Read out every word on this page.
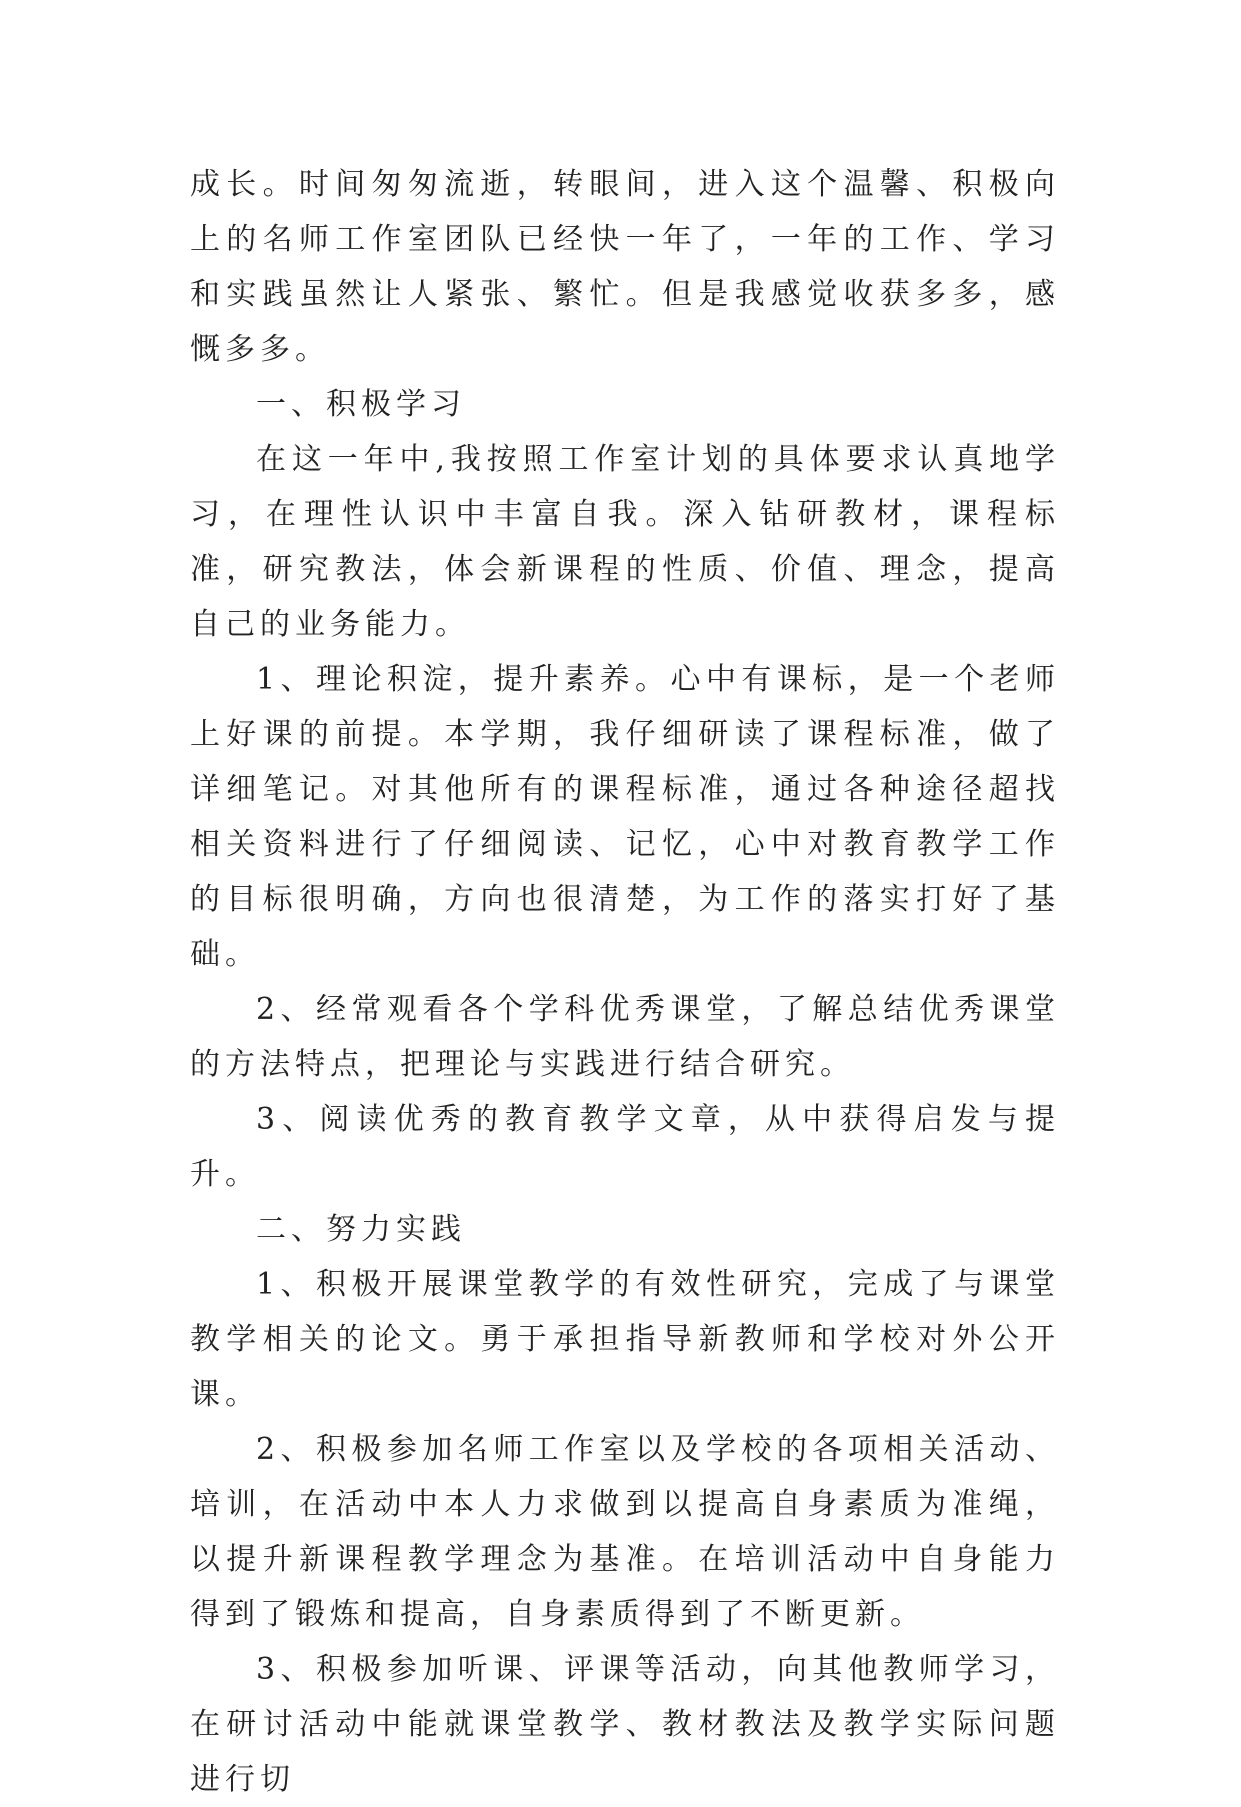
成长。时间匆匆流逝，转眼间，进入这个温馨、积极向上的名师工作室团队已经快一年了，一年的工作、学习和实践虽然让人紧张、繁忙。但是我感觉收获多多，感慨多多。

一、积极学习

在这一年中,我按照工作室计划的具体要求认真地学习，在理性认识中丰富自我。深入钻研教材，课程标准，研究教法，体会新课程的性质、价值、理念，提高自己的业务能力。

1、理论积淀，提升素养。心中有课标，是一个老师上好课的前提。本学期，我仔细研读了课程标准，做了详细笔记。对其他所有的课程标准，通过各种途径超找相关资料进行了仔细阅读、记忆，心中对教育教学工作的目标很明确，方向也很清楚，为工作的落实打好了基础。

2、经常观看各个学科优秀课堂，了解总结优秀课堂的方法特点，把理论与实践进行结合研究。

3、阅读优秀的教育教学文章，从中获得启发与提升。

二、努力实践

1、积极开展课堂教学的有效性研究，完成了与课堂教学相关的论文。勇于承担指导新教师和学校对外公开课。

2、积极参加名师工作室以及学校的各项相关活动、培训，在活动中本人力求做到以提高自身素质为准绳，以提升新课程教学理念为基准。在培训活动中自身能力得到了锻炼和提高，自身素质得到了不断更新。

3、积极参加听课、评课等活动，向其他教师学习，在研讨活动中能就课堂教学、教材教法及教学实际问题进行切
